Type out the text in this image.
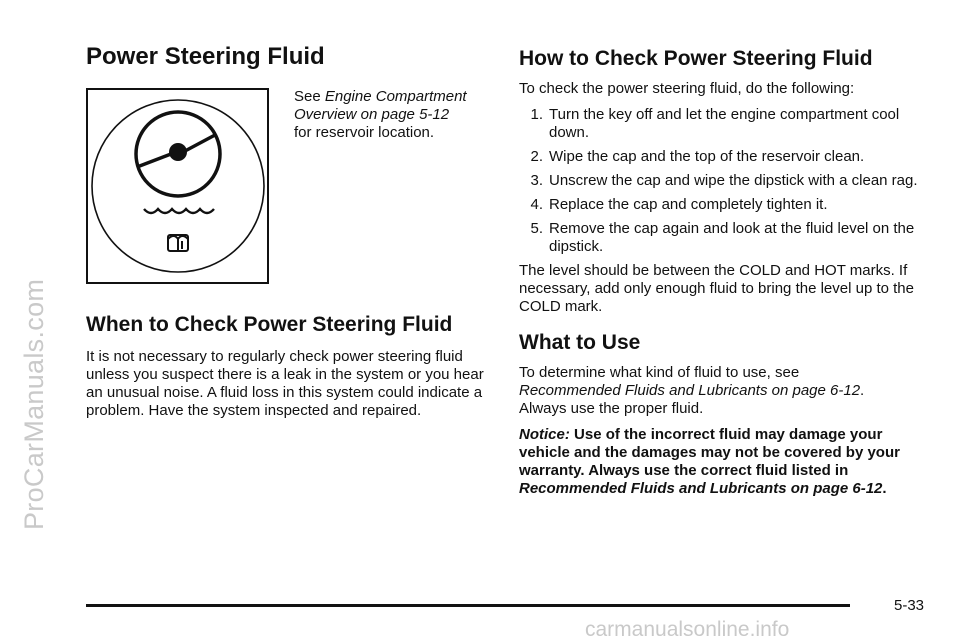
ProCarManuals.com
Power Steering Fluid

See Engine Compartment Overview on page 5-12

for reservoir location.

When to Check Power Steering Fluid

It is not necessary to regularly check power steering fluid unless you suspect there is a leak in the system or you hear an unusual noise. A fluid loss in this system could indicate a problem. Have the system inspected and repaired.

How to Check Power Steering Fluid

To check the power steering fluid, do the following:

1. Turn the key off and let the engine compartment cool down.
2. Wipe the cap and the top of the reservoir clean.
3. Unscrew the cap and wipe the dipstick with a clean rag.
4. Replace the cap and completely tighten it.
5. Remove the cap again and look at the fluid level on the dipstick.

The level should be between the COLD and HOT marks. If necessary, add only enough fluid to bring the level up to the COLD mark.

What to Use

To determine what kind of fluid to use, see
Recommended Fluids and Lubricants on page 6-12.
Always use the proper fluid.

Notice: Use of the incorrect fluid may damage your vehicle and the damages may not be covered by your warranty. Always use the correct fluid listed in Recommended Fluids and Lubricants on page 6-12.

5-33
carmanualsonline.info
